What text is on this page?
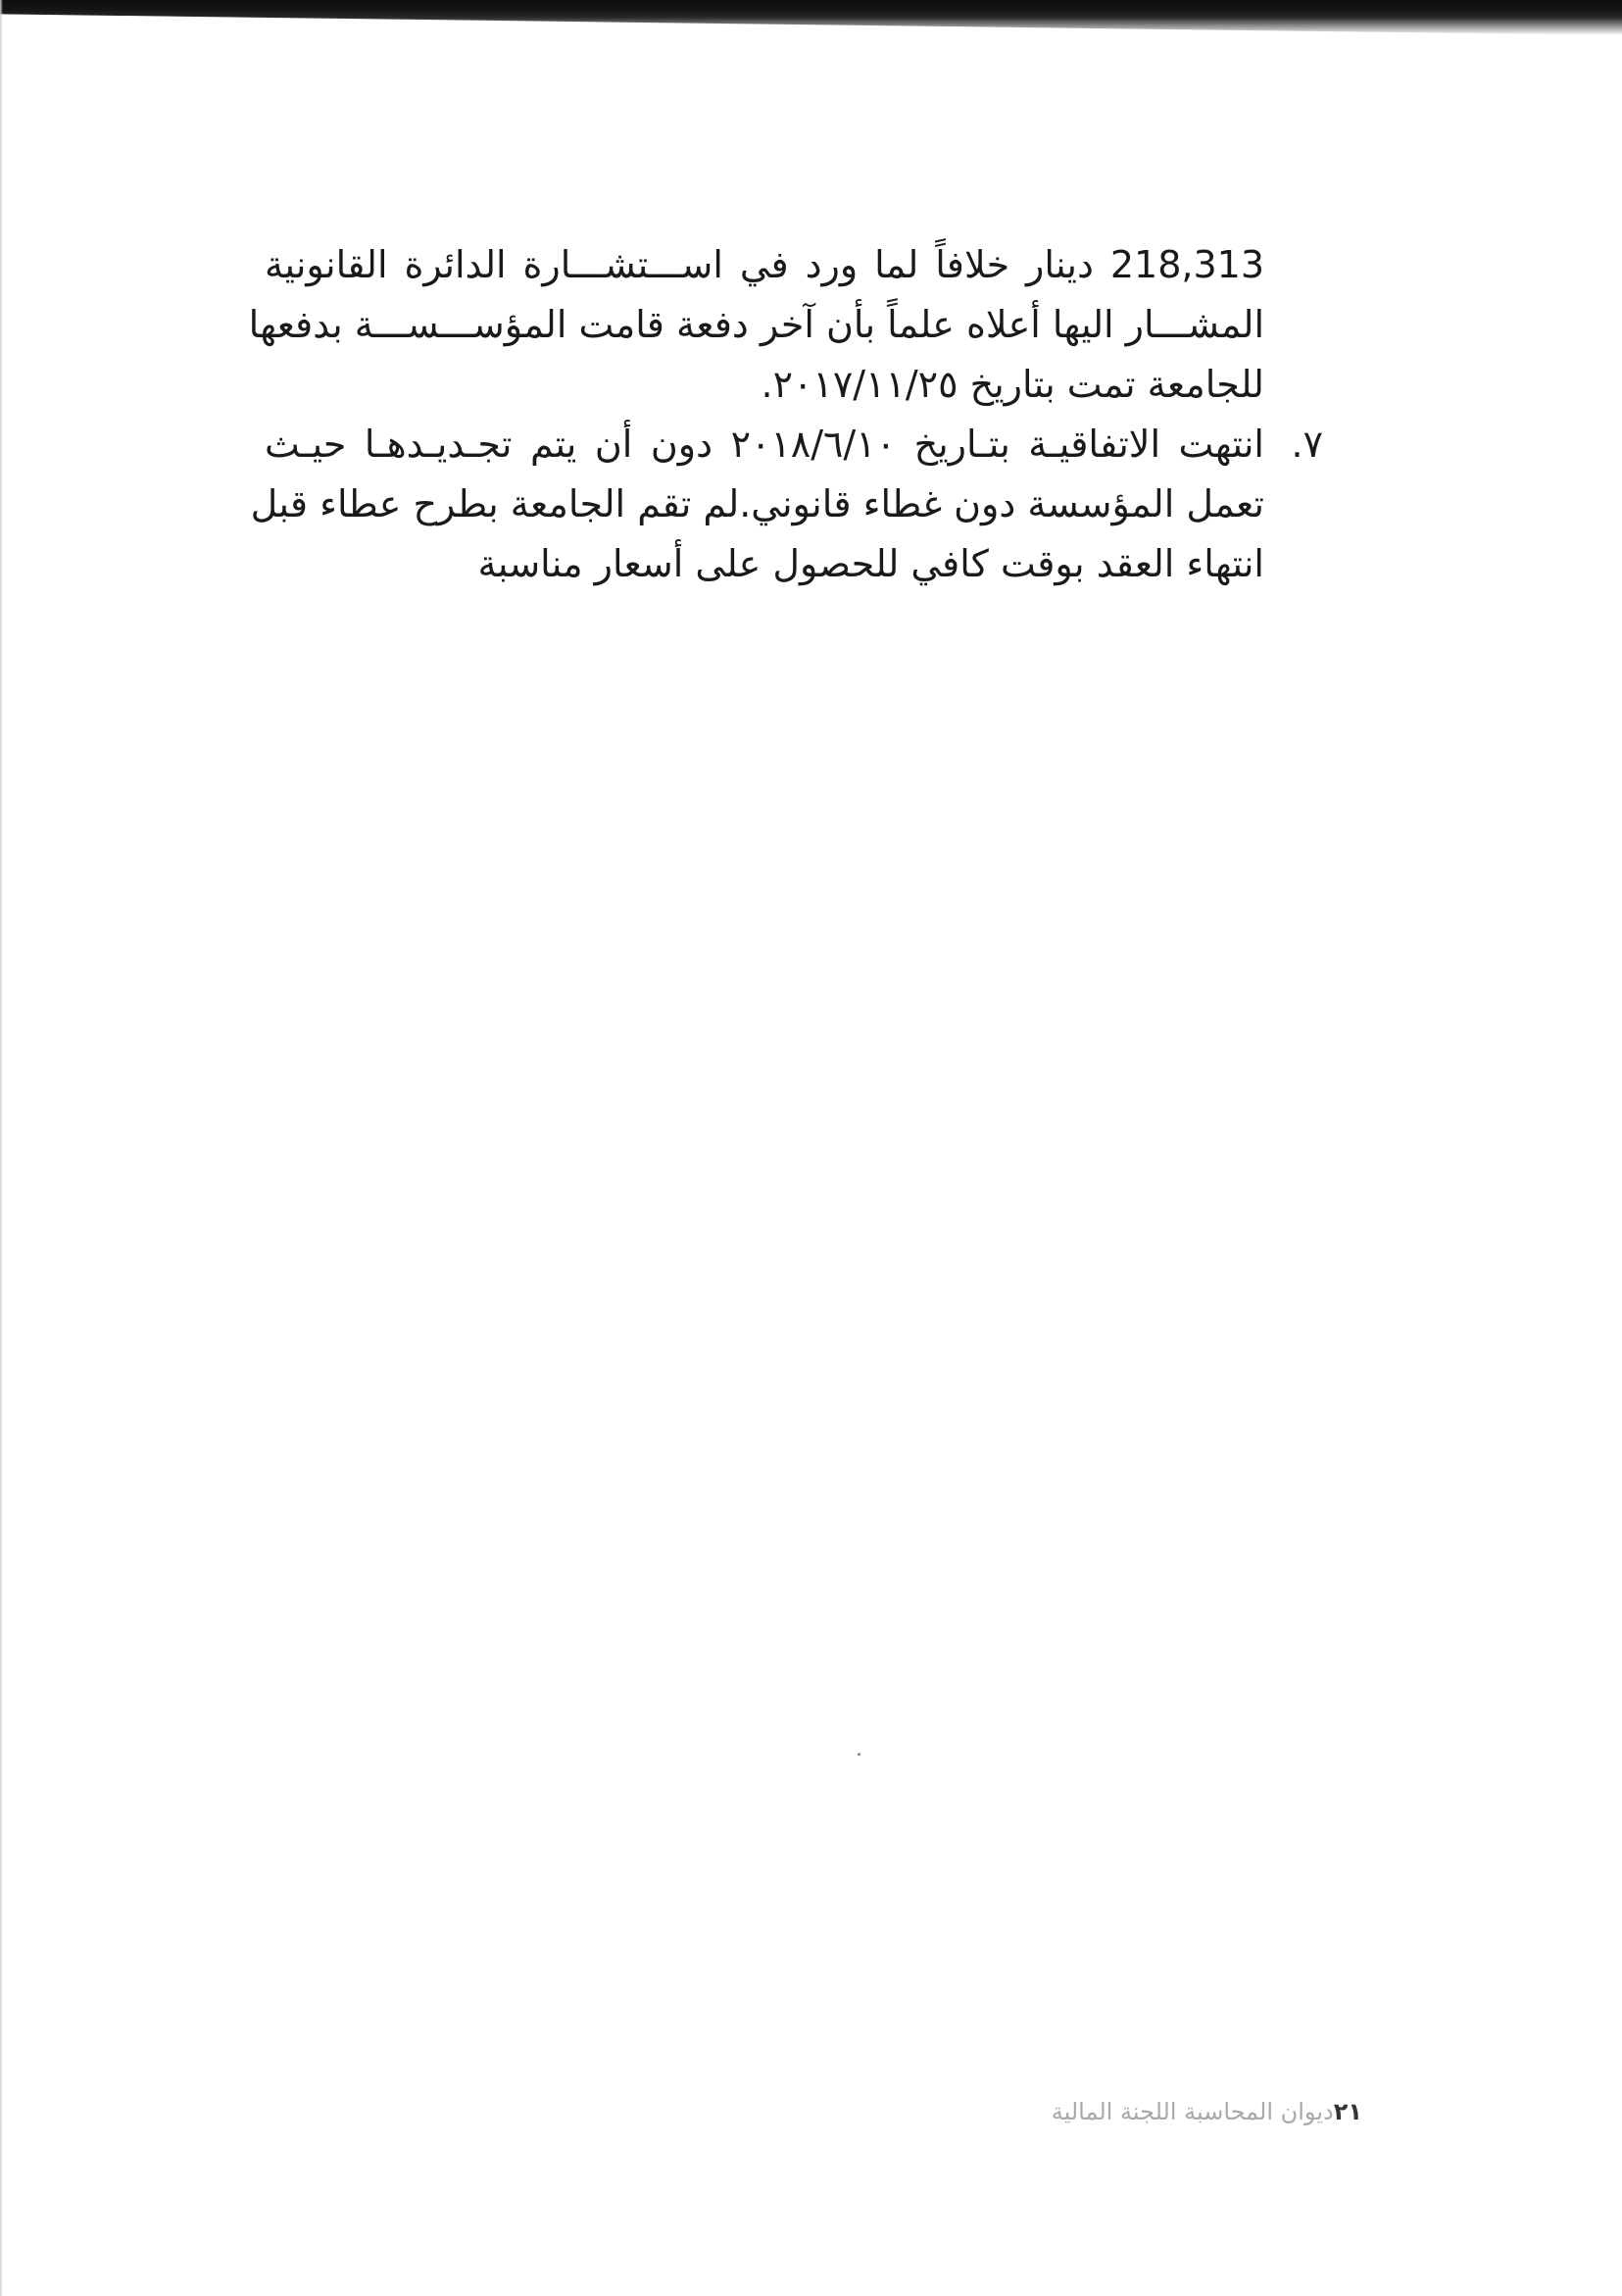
218,313 دينار خلافاً لما ورد في اســـتشـــارة الدائرة القانونية
المشـــار اليها أعلاه علماً بأن آخر دفعة قامت المؤســـســـة بدفعها
للجامعة تمت بتاريخ ٢٠١٧/١١/٢٥.

٧.
انتهت الاتفاقيـة بتـاريخ ٢٠١٨/٦/١٠ دون أن يتم تجـديـدهـا حيـث
تعمل المؤسسة دون غطاء قانوني.لم تقم الجامعة بطرح عطاء قبل
انتهاء العقد بوقت كافي للحصول على أسعار مناسبة
٢١ديوان المحاسبة اللجنة المالية
